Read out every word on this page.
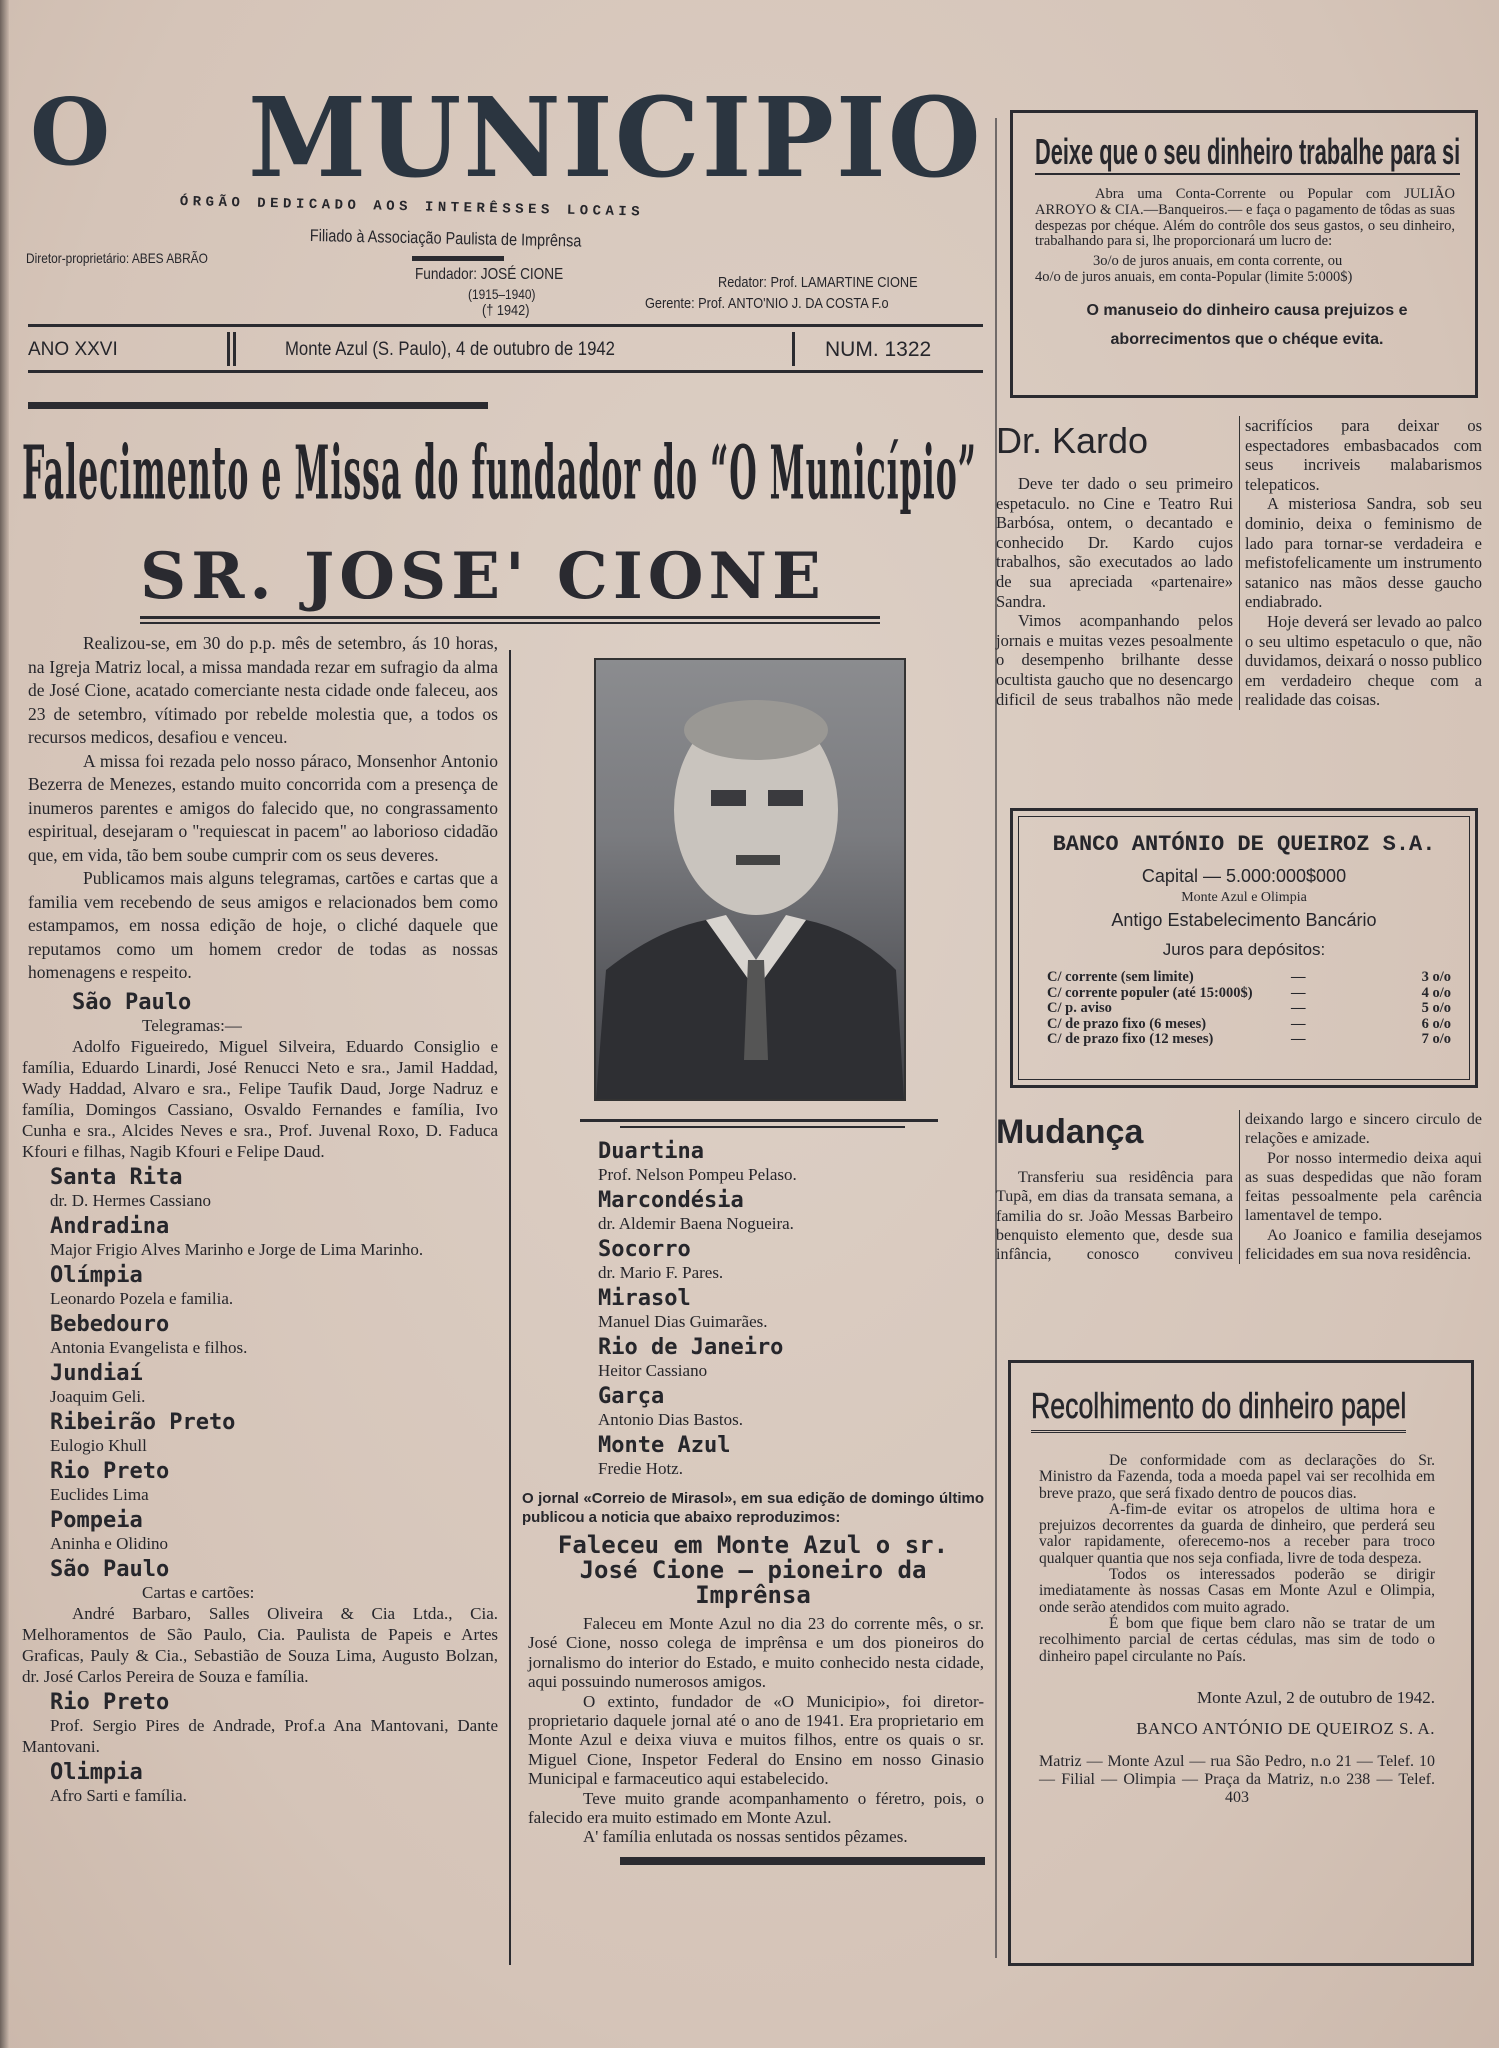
O MUNICIPIO
ÓRGÃO DEDICADO AOS INTERÊSSES LOCAIS
Filiado à Associação Paulista de Imprênsa
Diretor-proprietário: ABES ABRÃO
Fundador: JOSÉ CIONE
(1915–1940)
(† 1942)
Redator: Prof. LAMARTINE CIONE
Gerente: Prof. ANTO'NIO J. DA COSTA F.o
ANO XXVI	Monte Azul (S. Paulo), 4 de outubro de 1942	NUM. 1322
Falecimento e Missa do fundador do “O Município”
SR. JOSE' CIONE

Realizou-se, em 30 do p.p. mês de setembro, ás 10 horas, na Igreja Matriz local, a missa mandada rezar em sufragio da alma de José Cione, acatado comerciante nesta cidade onde faleceu, aos 23 de setembro, vítimado por rebelde molestia que, a todos os recursos medicos, desafiou e venceu.

A missa foi rezada pelo nosso páraco, Monsenhor Antonio Bezerra de Menezes, estando muito concorrida com a presença de inumeros parentes e amigos do falecido que, no congrassamento espiritual, desejaram o "requiescat in pacem" ao laborioso cidadão que, em vida, tão bem soube cumprir com os seus deveres.

Publicamos mais alguns telegramas, cartões e cartas que a familia vem recebendo de seus amigos e relacionados bem como estampamos, em nossa edição de hoje, o cliché daquele que reputamos como um homem credor de todas as nossas homenagens e respeito.

São Paulo
Telegramas:—
Adolfo Figueiredo, Miguel Silveira, Eduardo Consiglio e família, Eduardo Linardi, José Renucci Neto e sra., Jamil Haddad, Wady Haddad, Alvaro e sra., Felipe Taufik Daud, Jorge Nadruz e família, Domingos Cassiano, Osvaldo Fernandes e família, Ivo Cunha e sra., Alcides Neves e sra., Prof. Juvenal Roxo, D. Faduca Kfouri e filhas, Nagib Kfouri e Felipe Daud.
Santa Rita
dr. D. Hermes Cassiano
Andradina
Major Frigio Alves Marinho e Jorge de Lima Marinho.
Olímpia
Leonardo Pozela e familia.
Bebedouro
Antonia Evangelista e filhos.
Jundiaí
Joaquim Geli.
Ribeirão Preto
Eulogio Khull
Rio Preto
Euclides Lima
Pompeia
Aninha e Olidino
São Paulo
Cartas e cartões:
André Barbaro, Salles Oliveira & Cia Ltda., Cia. Melhoramentos de São Paulo, Cia. Paulista de Papeis e Artes Graficas, Pauly & Cia., Sebastião de Souza Lima, Augusto Bolzan, dr. José Carlos Pereira de Souza e família.
Rio Preto
Prof. Sergio Pires de Andrade, Prof.a Ana Mantovani, Dante Mantovani.
Olimpia
Afro Sarti e família.
Duartina
Prof. Nelson Pompeu Pelaso.
Marcondésia
dr. Aldemir Baena Nogueira.
Socorro
dr. Mario F. Pares.
Mirasol
Manuel Dias Guimarães.
Rio de Janeiro
Heitor Cassiano
Garça
Antonio Dias Bastos.
Monte Azul
Fredie Hotz.
O jornal «Correio de Mirasol», em sua edição de domingo último publicou a noticia que abaixo reproduzimos:
Faleceu em Monte Azul o sr. José Cione — pioneiro da Imprênsa

Faleceu em Monte Azul no dia 23 do corrente mês, o sr. José Cione, nosso colega de imprênsa e um dos pioneiros do jornalismo do interior do Estado, e muito conhecido nesta cidade, aqui possuindo numerosos amigos.

O extinto, fundador de «O Municipio», foi diretor-proprietario daquele jornal até o ano de 1941. Era proprietario em Monte Azul e deixa viuva e muitos filhos, entre os quais o sr. Miguel Cione, Inspetor Federal do Ensino em nosso Ginasio Municipal e farmaceutico aqui estabelecido.

Teve muito grande acompanhamento o féretro, pois, o falecido era muito estimado em Monte Azul.

A' família enlutada os nossas sentidos pêzames.

Deixe que o seu dinheiro trabalhe para si

Abra uma Conta-Corrente ou Popular com JULIÃO ARROYO & CIA.—Banqueiros.— e faça o pagamento de tôdas as suas despezas por chéque. Além do contrôle dos seus gastos, o seu dinheiro, trabalhando para si, lhe proporcionará um lucro de:

3o/o de juros anuais, em conta corrente, ou

4o/o de juros anuais, em conta-Popular (limite 5:000$)

O manuseio do dinheiro causa prejuizos e aborrecimentos que o chéque evita.

Dr. Kardo

Deve ter dado o seu primeiro espetaculo. no Cine e Teatro Rui Barbósa, ontem, o decantado e conhecido Dr. Kardo cujos trabalhos, são executados ao lado de sua apreciada «partenaire» Sandra.

Vimos acompanhando pelos jornais e muitas vezes pesoalmente o desempenho brilhante desse ocultista gaucho que no desencargo dificil de seus trabalhos não mede sacrifícios para deixar os espectadores embasbacados com seus incriveis malabarismos telepaticos.

A misteriosa Sandra, sob seu dominio, deixa o feminismo de lado para tornar-se verdadeira e mefistofelicamente um instrumento satanico nas mãos desse gaucho endiabrado.

Hoje deverá ser levado ao palco o seu ultimo espetaculo o que, não duvidamos, deixará o nosso publico em verdadeiro cheque com a realidade das coisas.

BANCO ANTÓNIO DE QUEIROZ S.A.
Capital — 5.000:000$000
Monte Azul e Olimpia
Antigo Estabelecimento Bancário
Juros para depósitos:
C/ corrente (sem limite)	—	3 o/o
C/ corrente populer (até 15:000$)	—	4 o/o
C/ p. aviso	—	5 o/o
C/ de prazo fixo (6 meses)	—	6 o/o
C/ de prazo fixo (12 meses)	—	7 o/o
Mudança

Transferiu sua residência para Tupã, em dias da transata semana, a familia do sr. João Messas Barbeiro benquisto elemento que, desde sua infância, conosco conviveu deixando largo e sincero circulo de relações e amizade.

Por nosso intermedio deixa aqui as suas despedidas que não foram feitas pessoalmente pela carência lamentavel de tempo.

Ao Joanico e familia desejamos felicidades em sua nova residência.

Recolhimento do dinheiro papel

De conformidade com as declarações do Sr. Ministro da Fazenda, toda a moeda papel vai ser recolhida em breve prazo, que será fixado dentro de poucos dias.

A-fim-de evitar os atropelos de ultima hora e prejuizos decorrentes da guarda de dinheiro, que perderá seu valor rapidamente, oferecemo-nos a receber para troco qualquer quantia que nos seja confiada, livre de toda despeza.

Todos os interessados poderão se dirigir imediatamente às nossas Casas em Monte Azul e Olimpia, onde serão atendidos com muito agrado.

É bom que fique bem claro não se tratar de um recolhimento parcial de certas cédulas, mas sim de todo o dinheiro papel circulante no País.

Monte Azul, 2 de outubro de 1942.
BANCO ANTÓNIO DE QUEIROZ S. A.
Matriz — Monte Azul — rua São Pedro, n.o 21 — Telef. 10 — Filial — Olimpia — Praça da Matriz, n.o 238 — Telef. 403
